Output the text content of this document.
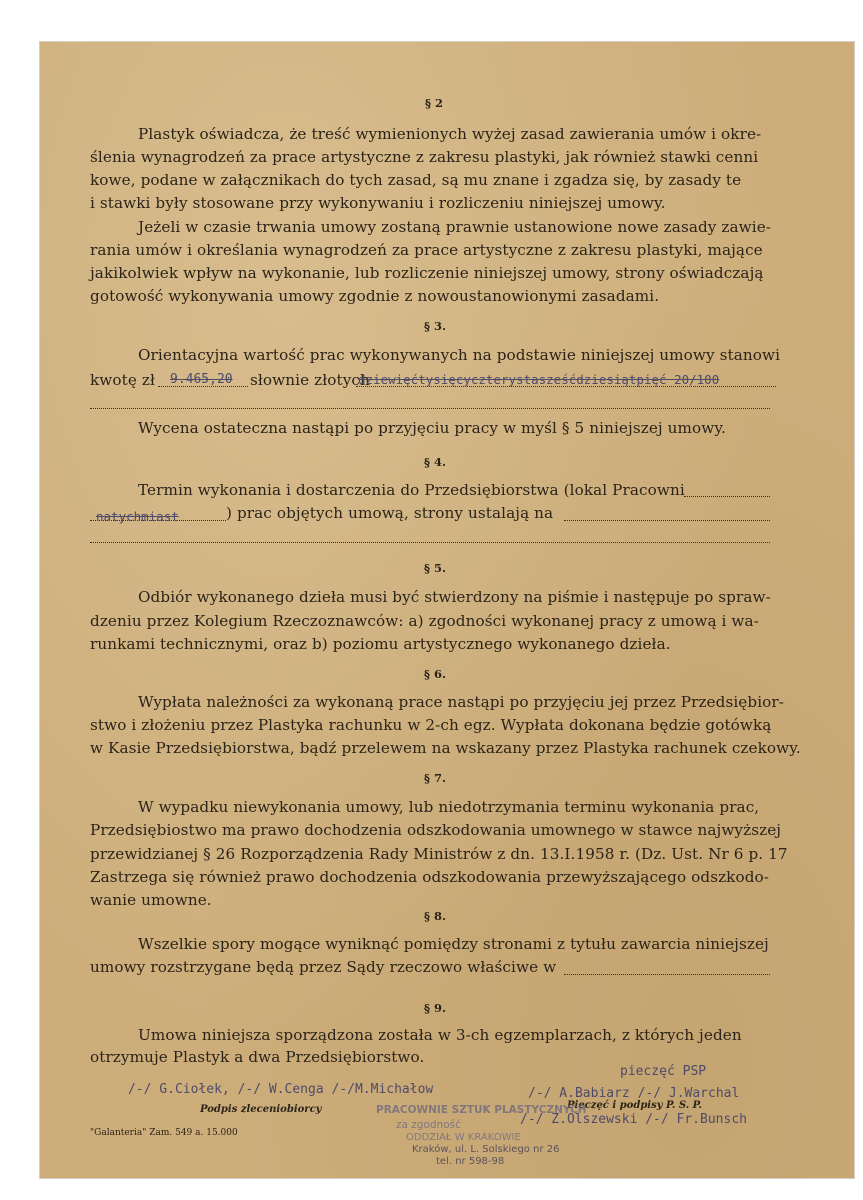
§ 2
Plastyk oświadcza, że treść wymienionych wyżej zasad zawierania umów i okre-
ślenia wynagrodzeń za prace artystyczne z zakresu plastyki, jak również stawki cenni
kowe, podane w załącznikach do tych zasad, są mu znane i zgadza się, by zasady te
i stawki były stosowane przy wykonywaniu i rozliczeniu niniejszej umowy.
Jeżeli w czasie trwania umowy zostaną prawnie ustanowione nowe zasady zawie-
rania umów i określania wynagrodzeń za prace artystyczne z zakresu plastyki, mające
jakikolwiek wpływ na wykonanie, lub rozliczenie niniejszej umowy, strony oświadczają
gotowość wykonywania umowy zgodnie z nowoustanowionymi zasadami.
§ 3.
Orientacyjna wartość prac wykonywanych na podstawie niniejszej umowy stanowi
kwotę zł 9.465,20 słownie złotych
dziewięćtysięcyczterystasześćdziesiątpięć 20/100
Wycena ostateczna nastąpi po przyjęciu pracy w myśl § 5 niniejszej umowy.
§ 4.
Termin wykonania i dostarczenia do Przedsiębiorstwa (lokal Pracowni
natychmiast	) prac objętych umową, strony ustalają na
§ 5.
Odbiór wykonanego dzieła musi być stwierdzony na piśmie i następuje po spraw-
dzeniu przez Kolegium Rzeczoznawców: a) zgodności wykonanej pracy z umową i wa-
runkami technicznymi, oraz b) poziomu artystycznego wykonanego dzieła.
§ 6.
Wypłata należności za wykonaną prace nastąpi po przyjęciu jej przez Przedsiębior-
stwo i złożeniu przez Plastyka rachunku w 2-ch egz. Wypłata dokonana będzie gotówką
w Kasie Przedsiębiorstwa, bądź przelewem na wskazany przez Plastyka rachunek czekowy.
§ 7.
W wypadku niewykonania umowy, lub niedotrzymania terminu wykonania prac,
Przedsiębiostwo ma prawo dochodzenia odszkodowania umownego w stawce najwyższej
przewidzianej § 26 Rozporządzenia Rady Ministrów z dn. 13.I.1958 r. (Dz. Ust. Nr 6 p. 17
Zastrzega się również prawo dochodzenia odszkodowania przewyższającego odszkodo-
wanie umowne.
§ 8.
Wszelkie spory mogące wyniknąć pomiędzy stronami z tytułu zawarcia niniejszej
umowy rozstrzygane będą przez Sądy rzeczowo właściwe w
§ 9.
Umowa niniejsza sporządzona została w 3-ch egzemplarzach, z których jeden
otrzymuje Plastyk a dwa Przedsiębiorstwo.
pieczęć PSP
/-/ G.Ciołek, /-/ W.Cenga /-/M.Michałow	/-/ A.Babiarz /-/ J.Warchal
Podpis zleceniobiorcy	Pieczęć i podpisy P. S. P.
/-/ Z.Olszewski /-/ Fr.Bunsch
PRACOWNIE SZTUK PLASTYCZNYCH
za zgodność
ODDZIAŁ W KRAKOWIE
Kraków, ul. L. Solskiego nr 26
tel. nr 598-98
"Galanteria" Zam. 549 a. 15.000
